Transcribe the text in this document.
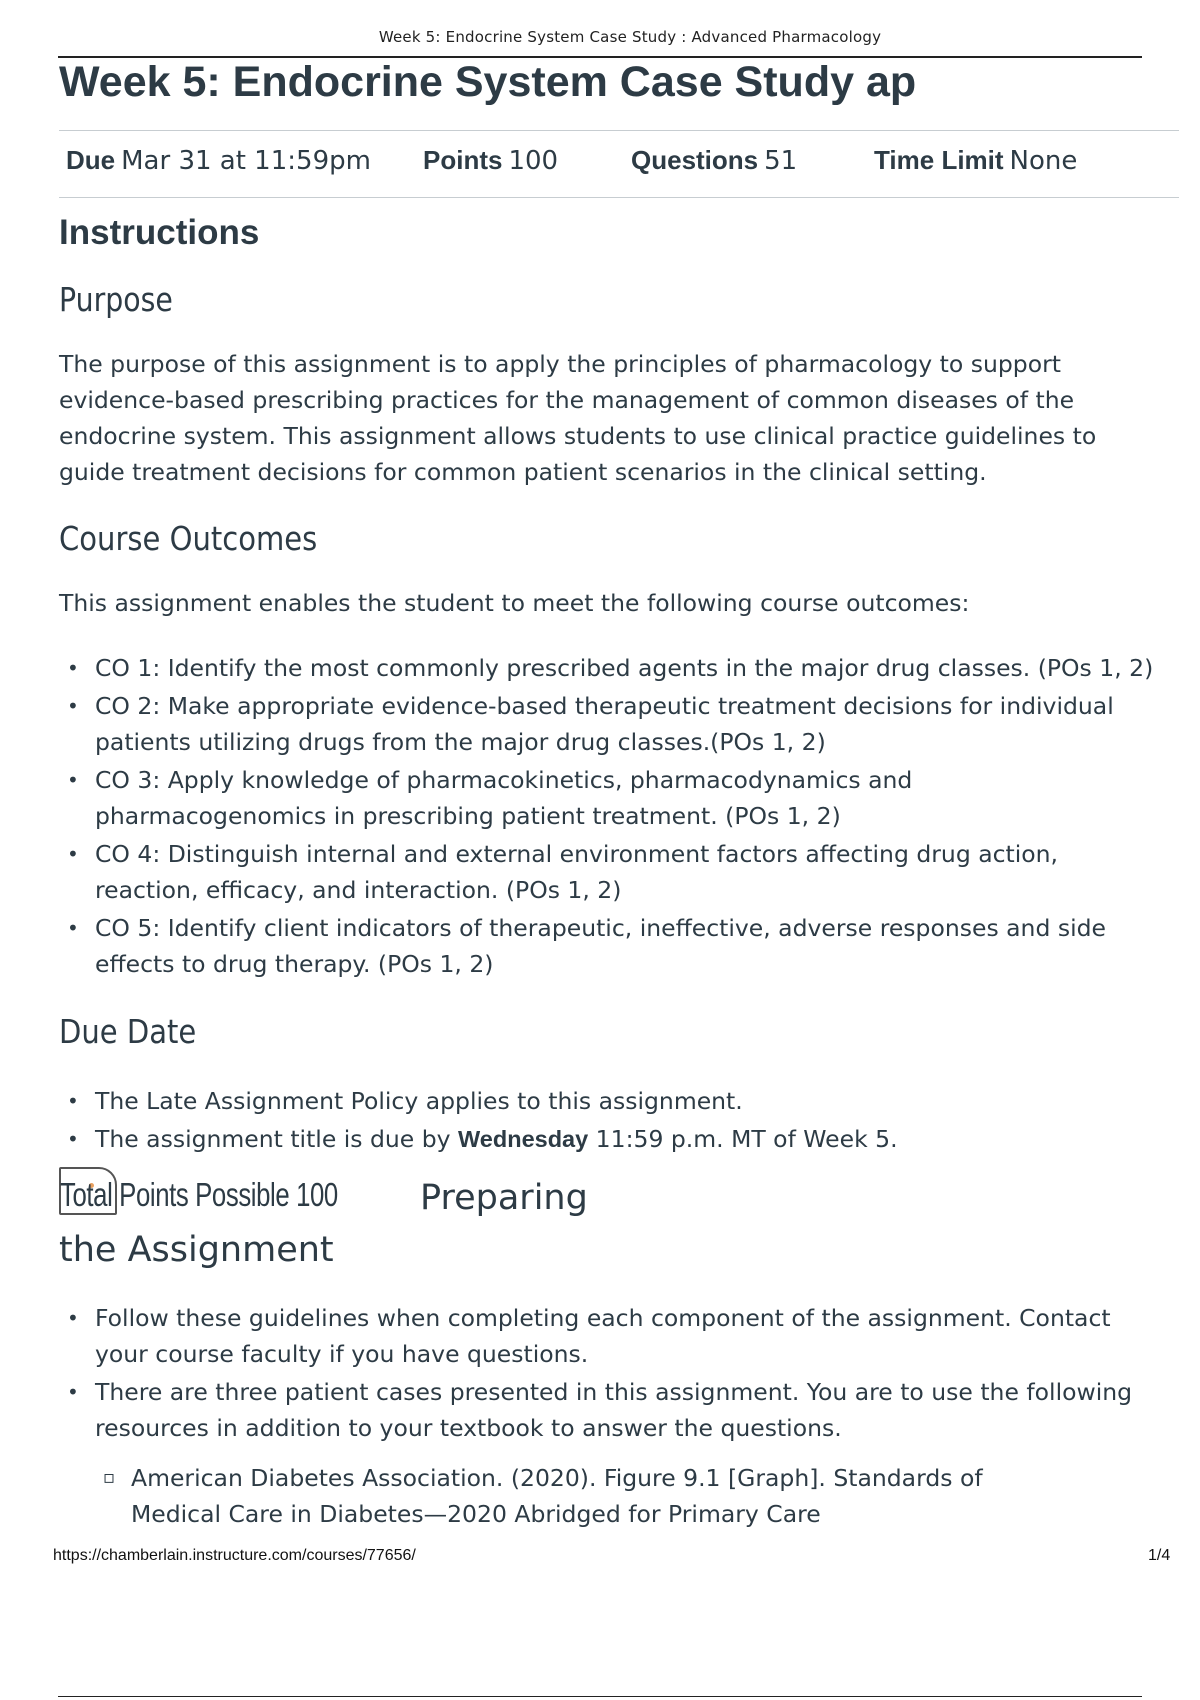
Week 5: Endocrine System Case Study : Advanced Pharmacology
Week 5: Endocrine System Case Study ap
Due Mar 31 at 11:59pm Points 100	Questions 51	Time Limit None
Instructions
Purpose

The purpose of this assignment is to apply the principles of pharmacology to support
evidence-based prescribing practices for the management of common diseases of the
endocrine system. This assignment allows students to use clinical practice guidelines to
guide treatment decisions for common patient scenarios in the clinical setting.

Course Outcomes

This assignment enables the student to meet the following course outcomes:

• CO 1: Identify the most commonly prescribed agents in the major drug classes. (POs 1, 2)
• CO 2: Make appropriate evidence-based therapeutic treatment decisions for individual
patients utilizing drugs from the major drug classes.(POs 1, 2)
• CO 3: Apply knowledge of pharmacokinetics, pharmacodynamics and
pharmacogenomics in prescribing patient treatment. (POs 1, 2)
• CO 4: Distinguish internal and external environment factors affecting drug action,
reaction, efficacy, and interaction. (POs 1, 2)
• CO 5: Identify client indicators of therapeutic, ineffective, adverse responses and side
effects to drug therapy. (POs 1, 2)
Due Date
• The Late Assignment Policy applies to this assignment.
• The assignment title is due by Wednesday 11:59 p.m. MT of Week 5.
Total Points Possible 100	Preparing
the Assignment
• Follow these guidelines when completing each component of the assignment. Contact
your course faculty if you have questions.
• There are three patient cases presented in this assignment. You are to use the following
resources in addition to your textbook to answer the questions.
▫ American Diabetes Association. (2020). Figure 9.1 [Graph]. Standards of
Medical Care in Diabetes—2020 Abridged for Primary Care
https://chamberlain.instructure.com/courses/77656/	1/4
